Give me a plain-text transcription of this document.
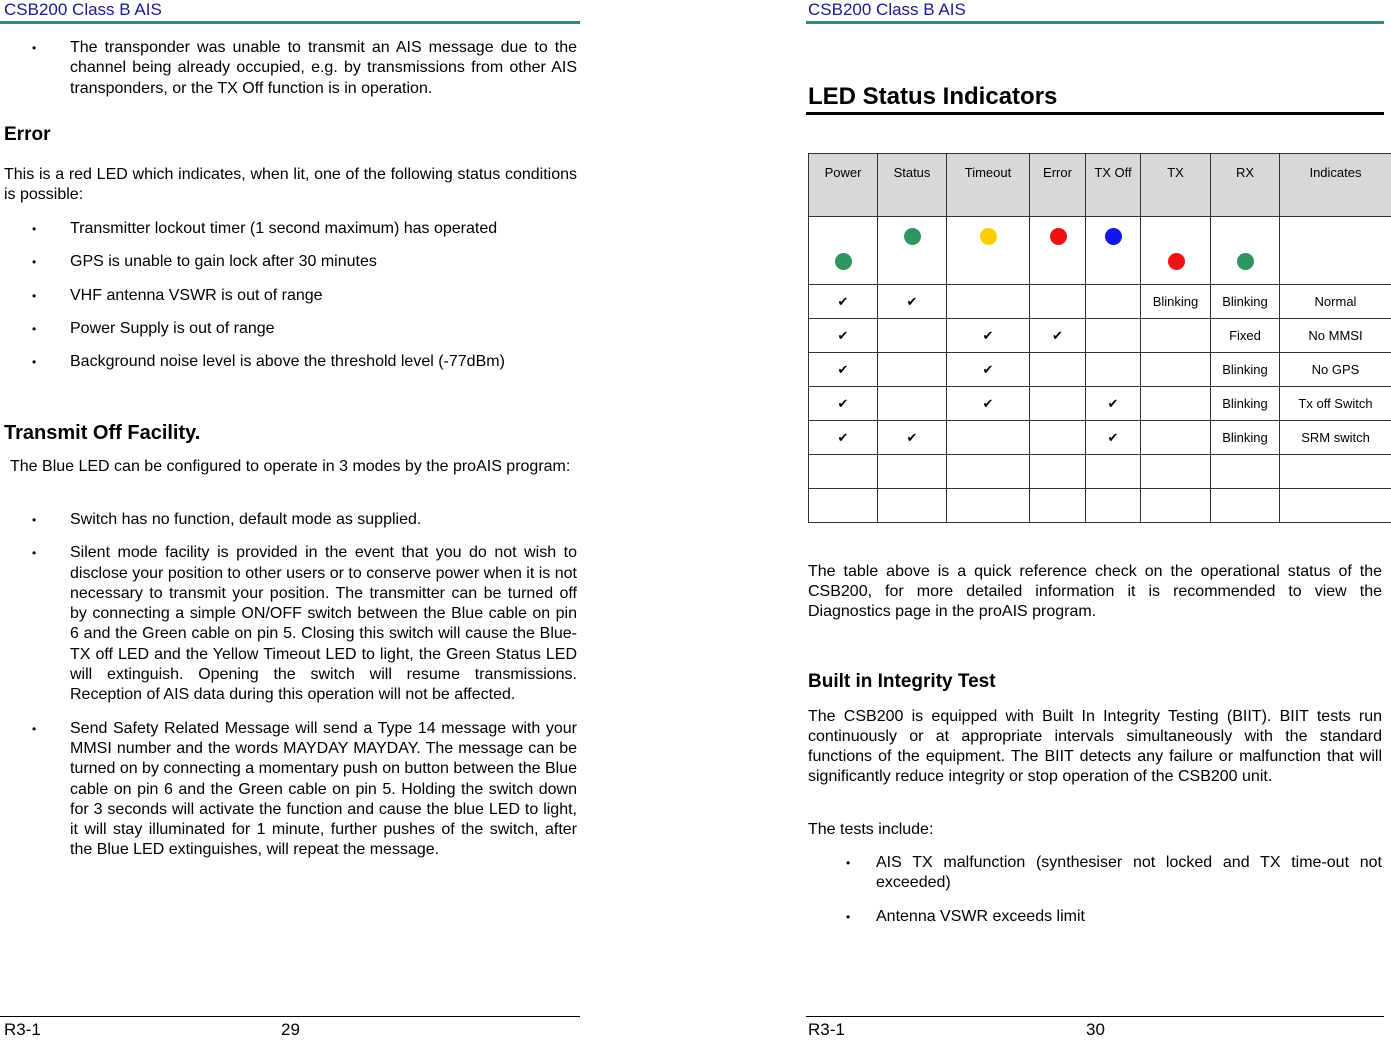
CSB200 Class B AIS
• The transponder was unable to transmit an AIS message due to the channel being already occupied, e.g. by transmissions from other AIS transponders, or the TX Off function is in operation.
Error
This is a red LED which indicates, when lit, one of the following status conditions is possible:
• Transmitter lockout timer (1 second maximum) has operated
• GPS is unable to gain lock after 30 minutes
• VHF antenna VSWR is out of range
• Power Supply is out of range
• Background noise level is above the threshold level (-77dBm)
Transmit Off Facility.
The Blue LED can be configured to operate in 3 modes by the proAIS program:
• Switch has no function, default mode as supplied.
• Silent mode facility is provided in the event that you do not wish to disclose your position to other users or to conserve power when it is not necessary to transmit your position. The transmitter can be turned off by connecting a simple ON/OFF switch between the Blue cable on pin 6 and the Green cable on pin 5. Closing this switch will cause the Blue-TX off LED and the Yellow Timeout LED to light, the Green Status LED will extinguish. Opening the switch will resume transmissions. Reception of AIS data during this operation will not be affected.
• Send Safety Related Message will send a Type 14 message with your MMSI number and the words MAYDAY MAYDAY. The message can be turned on by connecting a momentary push on button between the Blue cable on pin 6 and the Green cable on pin 5. Holding the switch down for 3 seconds will activate the function and cause the blue LED to light, it will stay illuminated for 1 minute, further pushes of the switch, after the Blue LED extinguishes, will repeat the message.
R3-1	29
CSB200 Class B AIS
LED Status Indicators
Power	Status	Timeout	Error	TX Off	TX	RX	Indicates

✔	✔				Blinking	Blinking	Normal
✔		✔	✔			Fixed	No MMSI
✔		✔				Blinking	No GPS
✔		✔		✔		Blinking	Tx off Switch
✔	✔			✔		Blinking	SRM switch

The table above is a quick reference check on the operational status of the CSB200, for more detailed information it is recommended to view the Diagnostics page in the proAIS program.
Built in Integrity Test
The CSB200 is equipped with Built In Integrity Testing (BIIT). BIIT tests run continuously or at appropriate intervals simultaneously with the standard functions of the equipment. The BIIT detects any failure or malfunction that will significantly reduce integrity or stop operation of the CSB200 unit.
The tests include:
• AIS TX malfunction (synthesiser not locked and TX time-out not exceeded)
• Antenna VSWR exceeds limit
R3-1	30
